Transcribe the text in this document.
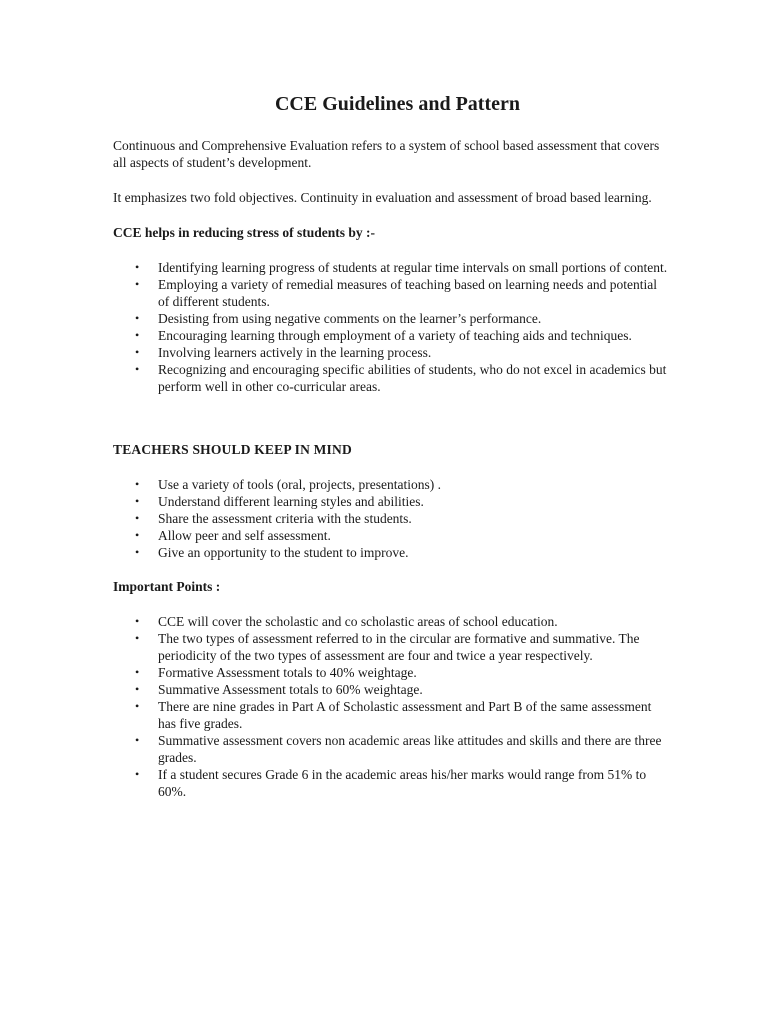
CCE Guidelines and Pattern

Continuous and Comprehensive Evaluation refers to a system of school based assessment that covers all aspects of student’s development.

It emphasizes two fold objectives. Continuity in evaluation and assessment of broad based learning.

CCE helps in reducing stress of students by :-

• Identifying learning progress of students at regular time intervals on small portions of content.
• Employing a variety of remedial measures of teaching based on learning needs and potential of different students.
• Desisting from using negative comments on the learner’s performance.
• Encouraging learning through employment of a variety of teaching aids and techniques.
• Involving learners actively in the learning process.
• Recognizing and encouraging specific abilities of students, who do not excel in academics but perform well in other co-curricular areas.

TEACHERS SHOULD KEEP IN MIND

• Use a variety of tools (oral, projects, presentations) .
• Understand different learning styles and abilities.
• Share the assessment criteria with the students.
• Allow peer and self assessment.
• Give an opportunity to the student to improve.

Important Points :

• CCE will cover the scholastic and co scholastic areas of school education.
• The two types of assessment referred to in the circular are formative and summative. The periodicity of the two types of assessment are four and twice a year respectively.
• Formative Assessment totals to 40% weightage.
• Summative Assessment totals to 60% weightage.
• There are nine grades in Part A of Scholastic assessment and Part B of the same assessment has five grades.
• Summative assessment covers non academic areas like attitudes and skills and there are three grades.
• If a student secures Grade 6 in the academic areas his/her marks would range from 51% to 60%.
